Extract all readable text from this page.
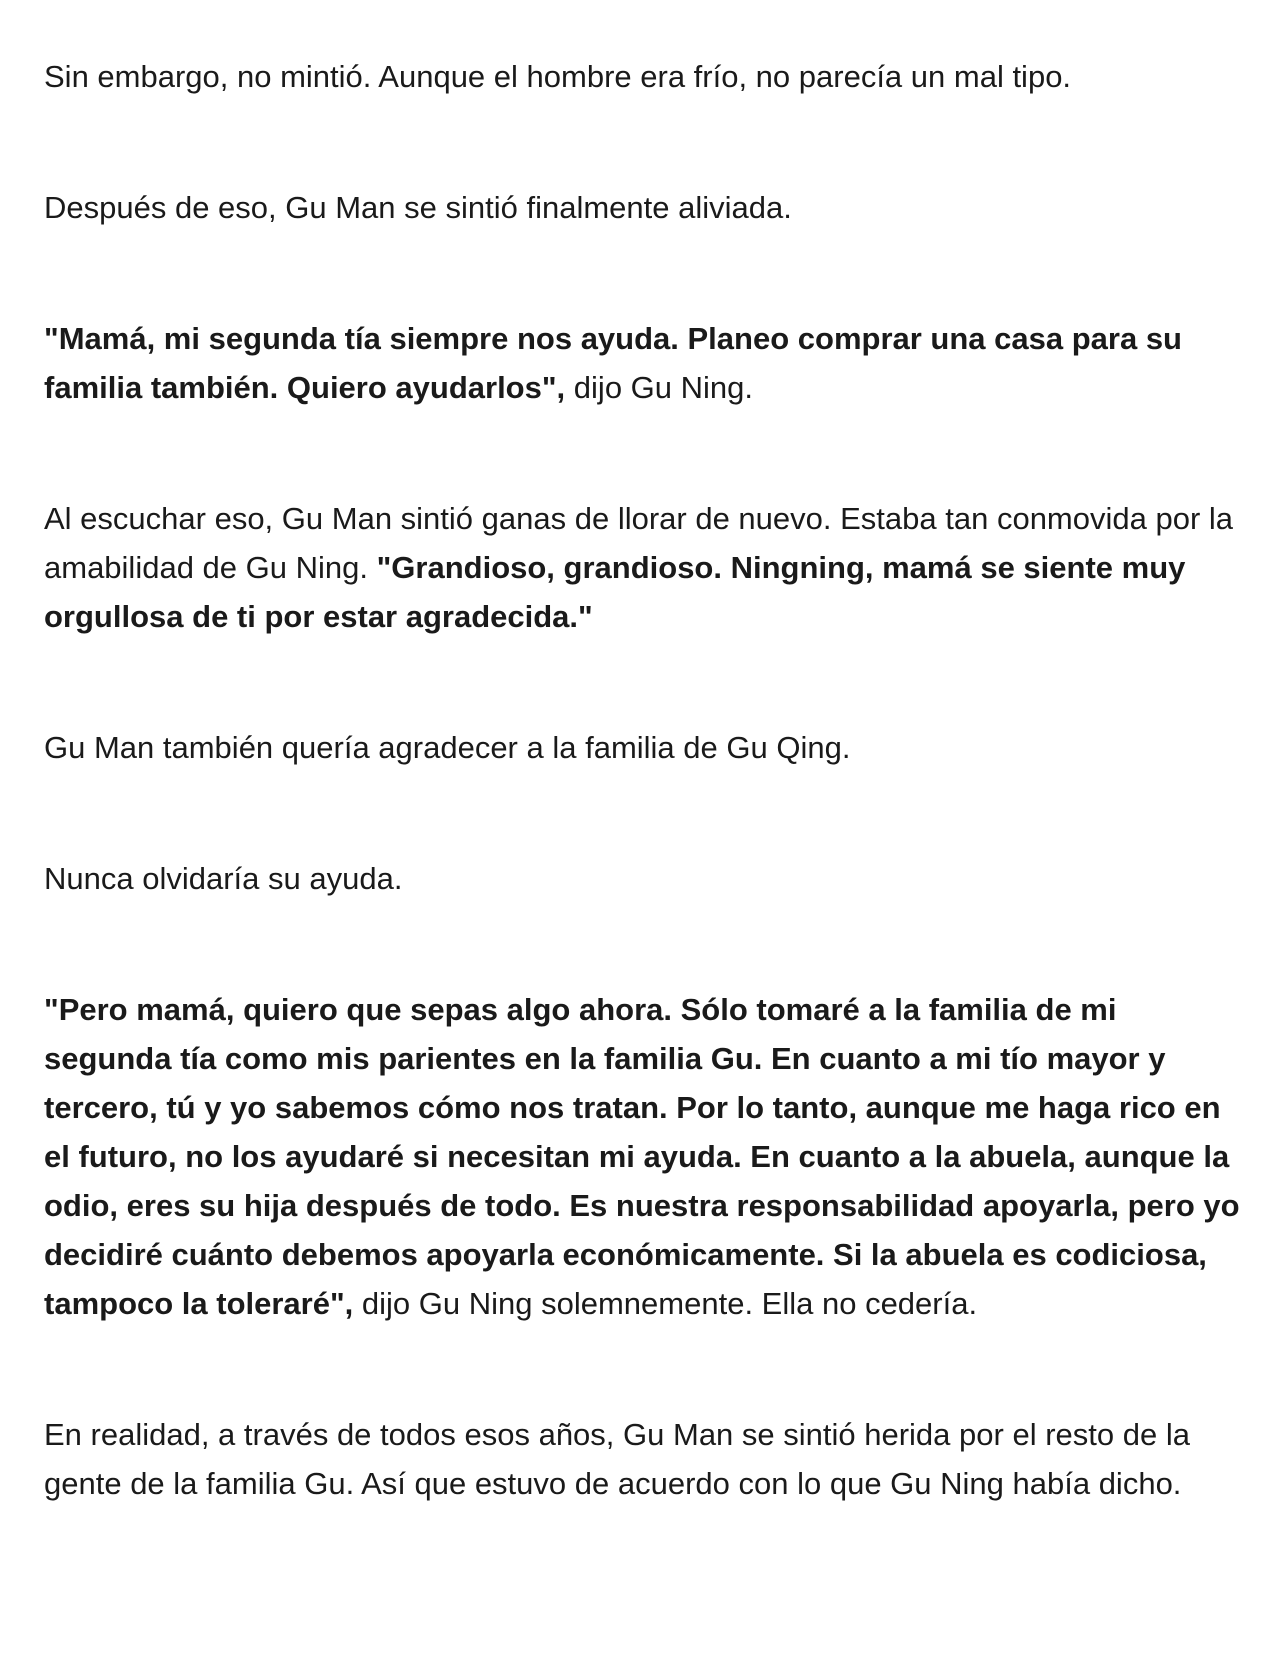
Sin embargo, no mintió. Aunque el hombre era frío, no parecía un mal tipo.

Después de eso, Gu Man se sintió finalmente aliviada.

"Mamá, mi segunda tía siempre nos ayuda. Planeo comprar una casa para su familia también. Quiero ayudarlos", dijo Gu Ning.

Al escuchar eso, Gu Man sintió ganas de llorar de nuevo. Estaba tan conmovida por la amabilidad de Gu Ning. "Grandioso, grandioso. Ningning, mamá se siente muy orgullosa de ti por estar agradecida."

Gu Man también quería agradecer a la familia de Gu Qing.

Nunca olvidaría su ayuda.

"Pero mamá, quiero que sepas algo ahora. Sólo tomaré a la familia de mi segunda tía como mis parientes en la familia Gu. En cuanto a mi tío mayor y tercero, tú y yo sabemos cómo nos tratan. Por lo tanto, aunque me haga rico en el futuro, no los ayudaré si necesitan mi ayuda. En cuanto a la abuela, aunque la odio, eres su hija después de todo. Es nuestra responsabilidad apoyarla, pero yo decidiré cuánto debemos apoyarla económicamente. Si la abuela es codiciosa, tampoco la toleraré", dijo Gu Ning solemnemente. Ella no cedería.

En realidad, a través de todos esos años, Gu Man se sintió herida por el resto de la gente de la familia Gu. Así que estuvo de acuerdo con lo que Gu Ning había dicho.
